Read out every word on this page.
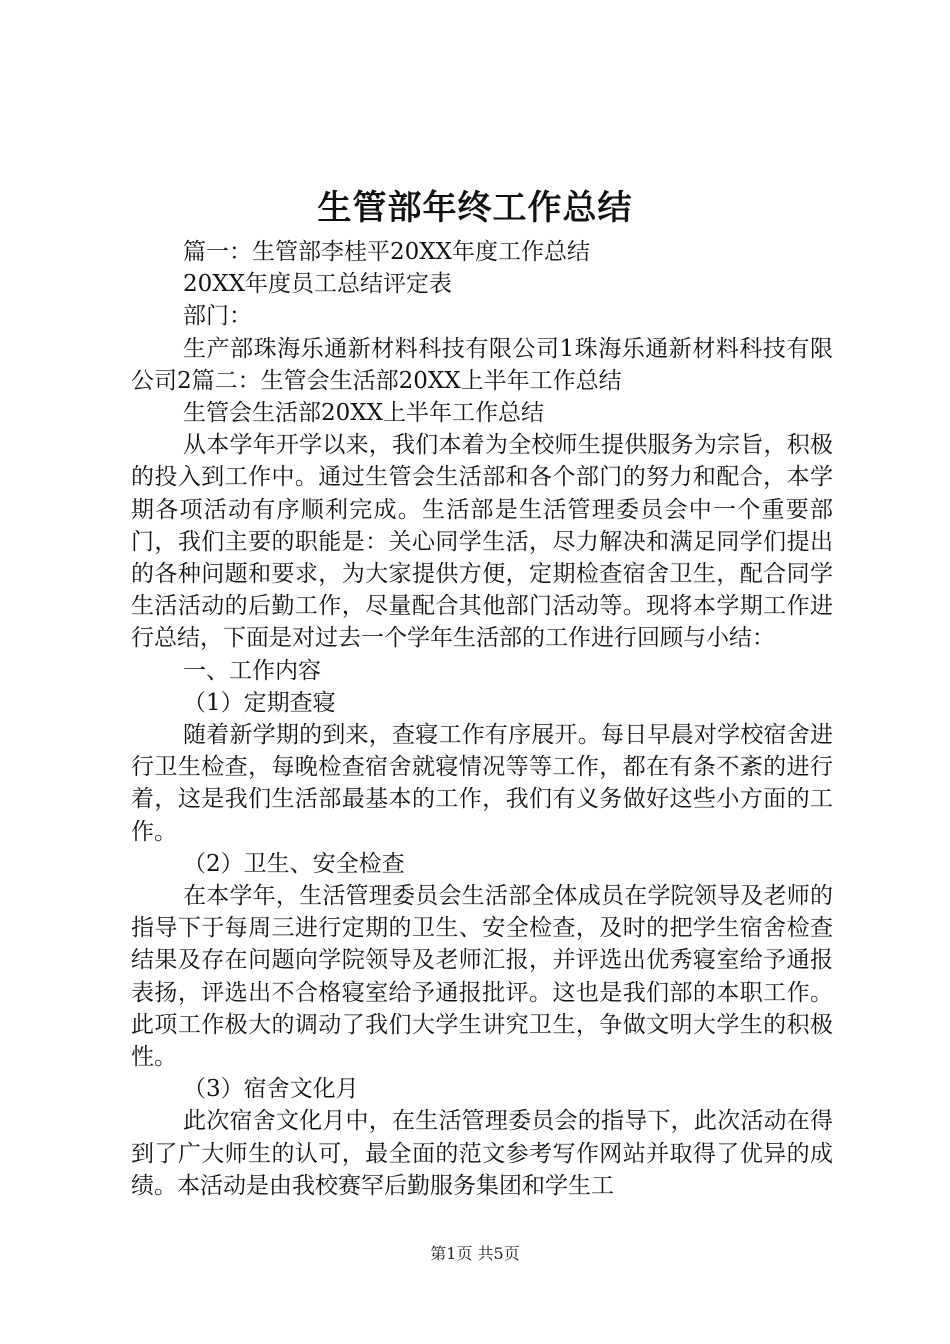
生管部年终工作总结

篇一：生管部李桂平20XX年度工作总结

20XX年度员工总结评定表

部门：

生产部珠海乐通新材料科技有限公司1珠海乐通新材料科技有限公司2篇二：生管会生活部20XX上半年工作总结

生管会生活部20XX上半年工作总结

从本学年开学以来，我们本着为全校师生提供服务为宗旨，积极的投入到工作中。通过生管会生活部和各个部门的努力和配合，本学期各项活动有序顺利完成。生活部是生活管理委员会中一个重要部门，我们主要的职能是：关心同学生活，尽力解决和满足同学们提出的各种问题和要求，为大家提供方便，定期检查宿舍卫生，配合同学生活活动的后勤工作，尽量配合其他部门活动等。现将本学期工作进行总结，下面是对过去一个学年生活部的工作进行回顾与小结：

一、工作内容

（1）定期查寝

随着新学期的到来，查寝工作有序展开。每日早晨对学校宿舍进行卫生检查，每晚检查宿舍就寝情况等等工作，都在有条不紊的进行着，这是我们生活部最基本的工作，我们有义务做好这些小方面的工作。

（2）卫生、安全检查

在本学年，生活管理委员会生活部全体成员在学院领导及老师的指导下于每周三进行定期的卫生、安全检查，及时的把学生宿舍检查结果及存在问题向学院领导及老师汇报，并评选出优秀寝室给予通报表扬，评选出不合格寝室给予通报批评。这也是我们部的本职工作。此项工作极大的调动了我们大学生讲究卫生，争做文明大学生的积极性。

（3）宿舍文化月

此次宿舍文化月中，在生活管理委员会的指导下，此次活动在得到了广大师生的认可，最全面的范文参考写作网站并取得了优异的成绩。本活动是由我校赛罕后勤服务集团和学生工

第1页 共5页
